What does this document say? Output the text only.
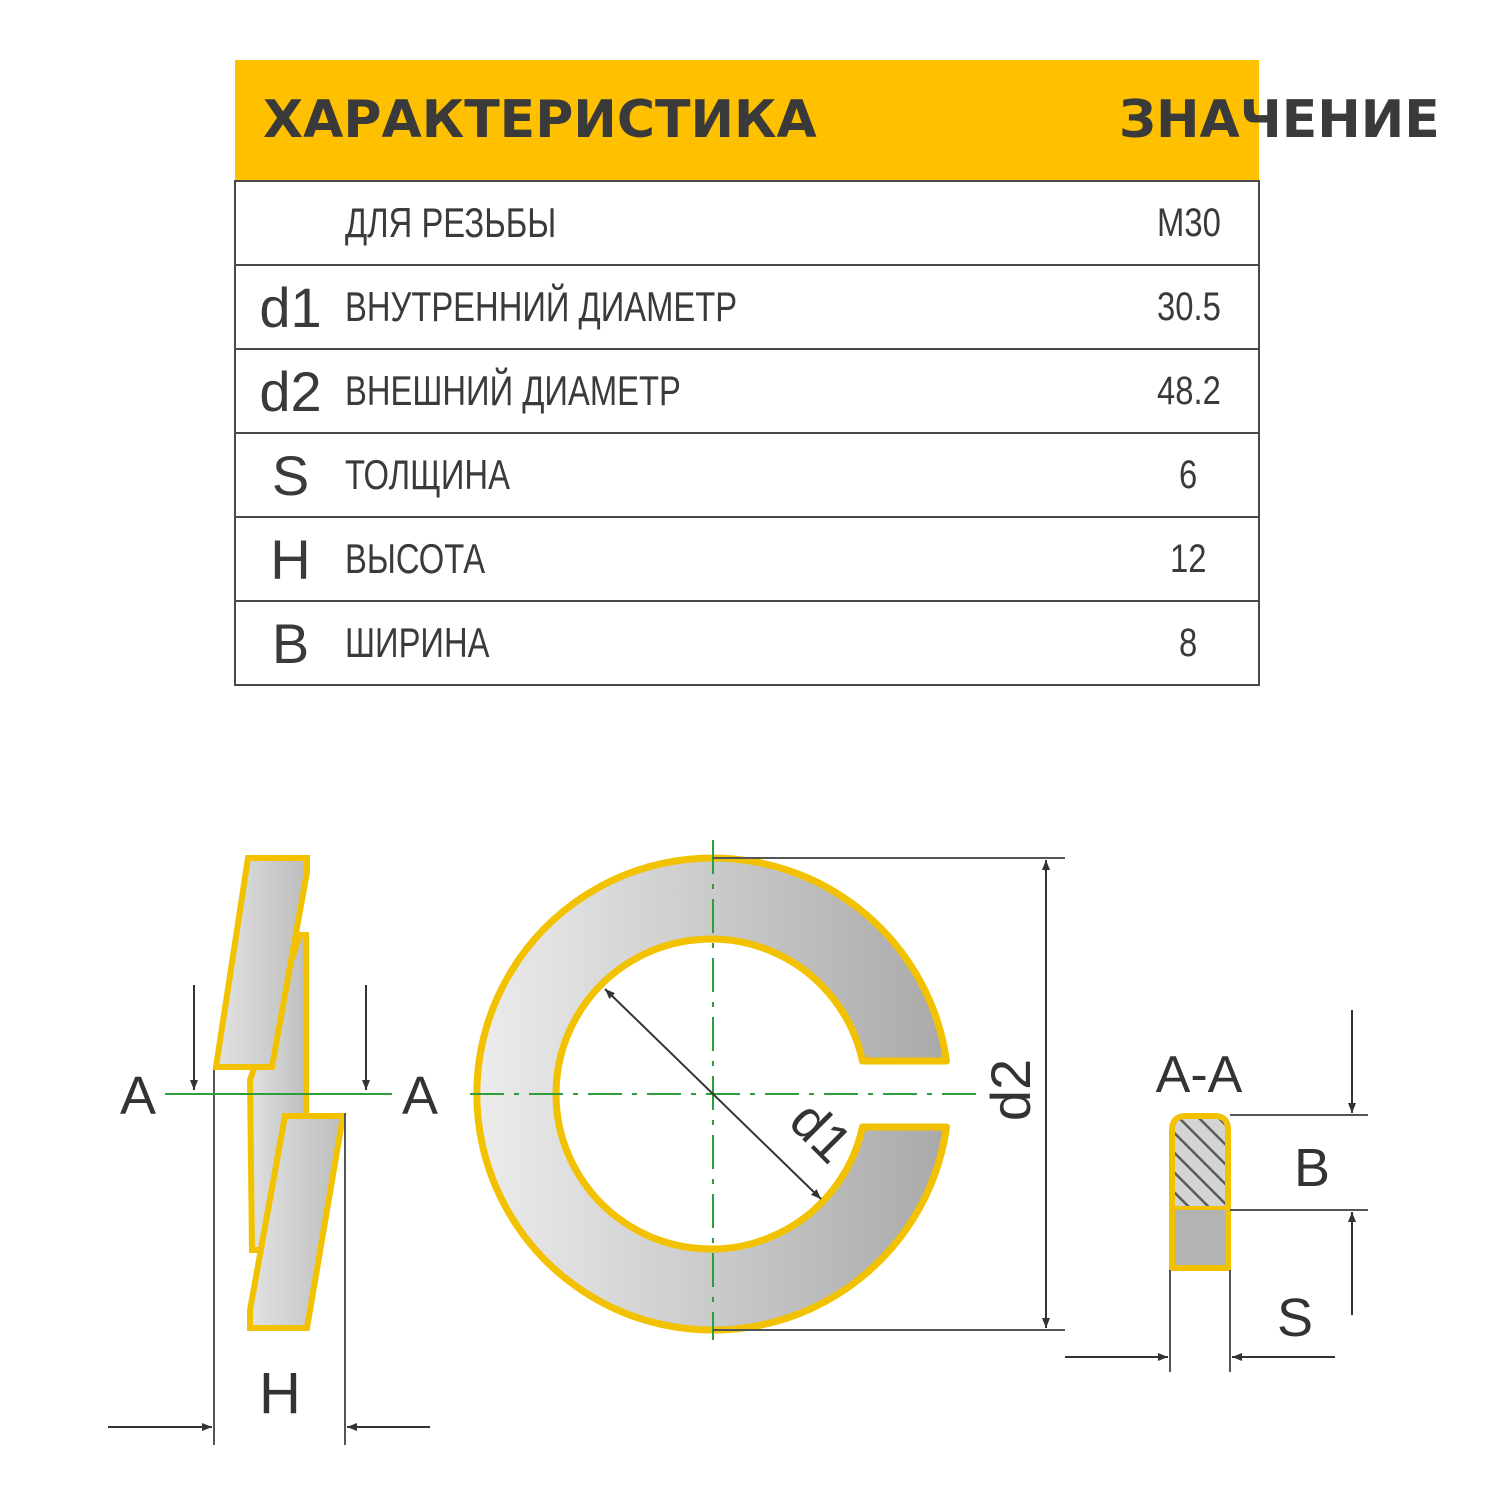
ХАРАКТЕРИСТИКА		ЗНАЧЕНИЕ
	ДЛЯ РЕЗЬБЫ	M30
d1	ВНУТРЕННИЙ ДИАМЕТР	30.5
d2	ВНЕШНИЙ ДИАМЕТР	48.2
S	ТОЛЩИНА	6
H	ВЫСОТА	12
B	ШИРИНА	8
A	A
H
d1 d2 A-A
B
S
